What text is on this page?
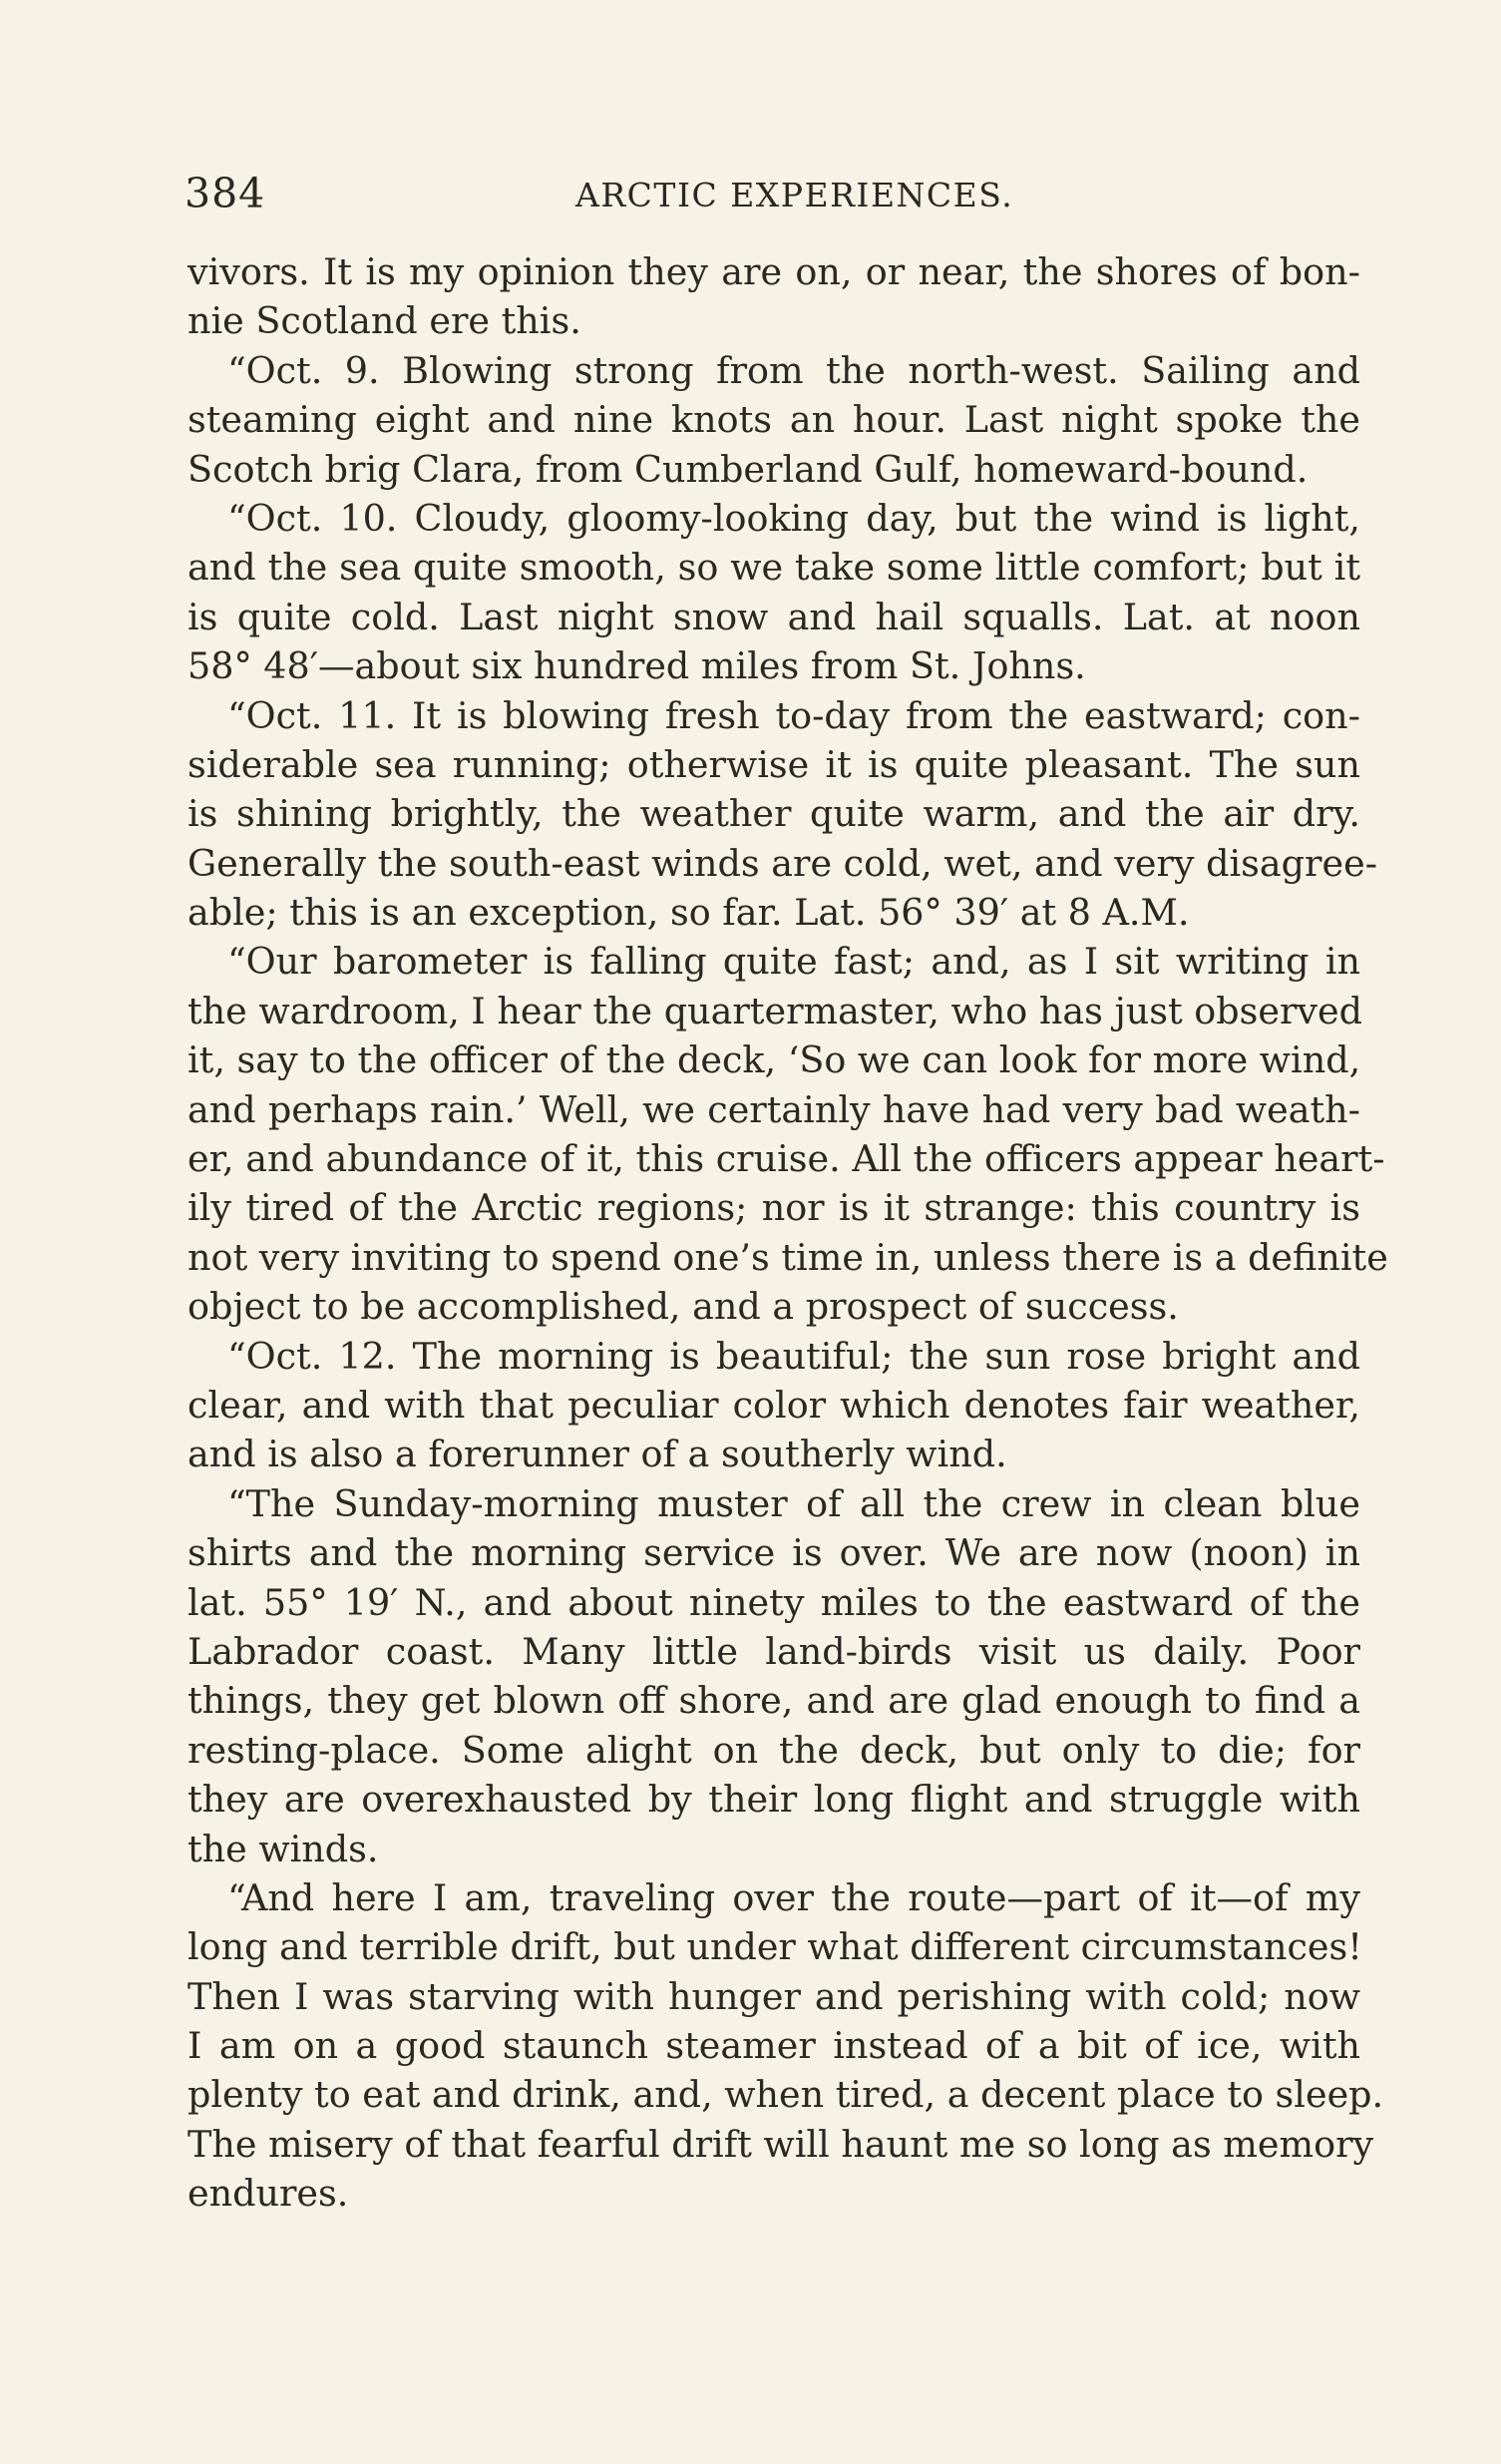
384	ARCTIC EXPERIENCES.
vivors. It is my opinion they are on, or near, the shores of bon-
nie Scotland ere this.
“Oct. 9. Blowing strong from the north-west. Sailing and
steaming eight and nine knots an hour. Last night spoke the
Scotch brig Clara, from Cumberland Gulf, homeward-bound.
“Oct. 10. Cloudy, gloomy-looking day, but the wind is light,
and the sea quite smooth, so we take some little comfort; but it
is quite cold. Last night snow and hail squalls. Lat. at noon
58° 48′—about six hundred miles from St. Johns.
“Oct. 11. It is blowing fresh to-day from the eastward; con-
siderable sea running; otherwise it is quite pleasant. The sun
is shining brightly, the weather quite warm, and the air dry.
Generally the south-east winds are cold, wet, and very disagree-
able; this is an exception, so far. Lat. 56° 39′ at 8 A.M.
“Our barometer is falling quite fast; and, as I sit writing in
the wardroom, I hear the quartermaster, who has just observed
it, say to the officer of the deck, ‘So we can look for more wind,
and perhaps rain.’ Well, we certainly have had very bad weath-
er, and abundance of it, this cruise. All the officers appear heart-
ily tired of the Arctic regions; nor is it strange: this country is
not very inviting to spend one’s time in, unless there is a definite
object to be accomplished, and a prospect of success.
“Oct. 12. The morning is beautiful; the sun rose bright and
clear, and with that peculiar color which denotes fair weather,
and is also a forerunner of a southerly wind.
“The Sunday-morning muster of all the crew in clean blue
shirts and the morning service is over. We are now (noon) in
lat. 55° 19′ N., and about ninety miles to the eastward of the
Labrador coast. Many little land-birds visit us daily. Poor
things, they get blown off shore, and are glad enough to find a
resting-place. Some alight on the deck, but only to die; for
they are overexhausted by their long flight and struggle with
the winds.
“And here I am, traveling over the route—part of it—of my
long and terrible drift, but under what different circumstances!
Then I was starving with hunger and perishing with cold; now
I am on a good staunch steamer instead of a bit of ice, with
plenty to eat and drink, and, when tired, a decent place to sleep.
The misery of that fearful drift will haunt me so long as memory
endures.
